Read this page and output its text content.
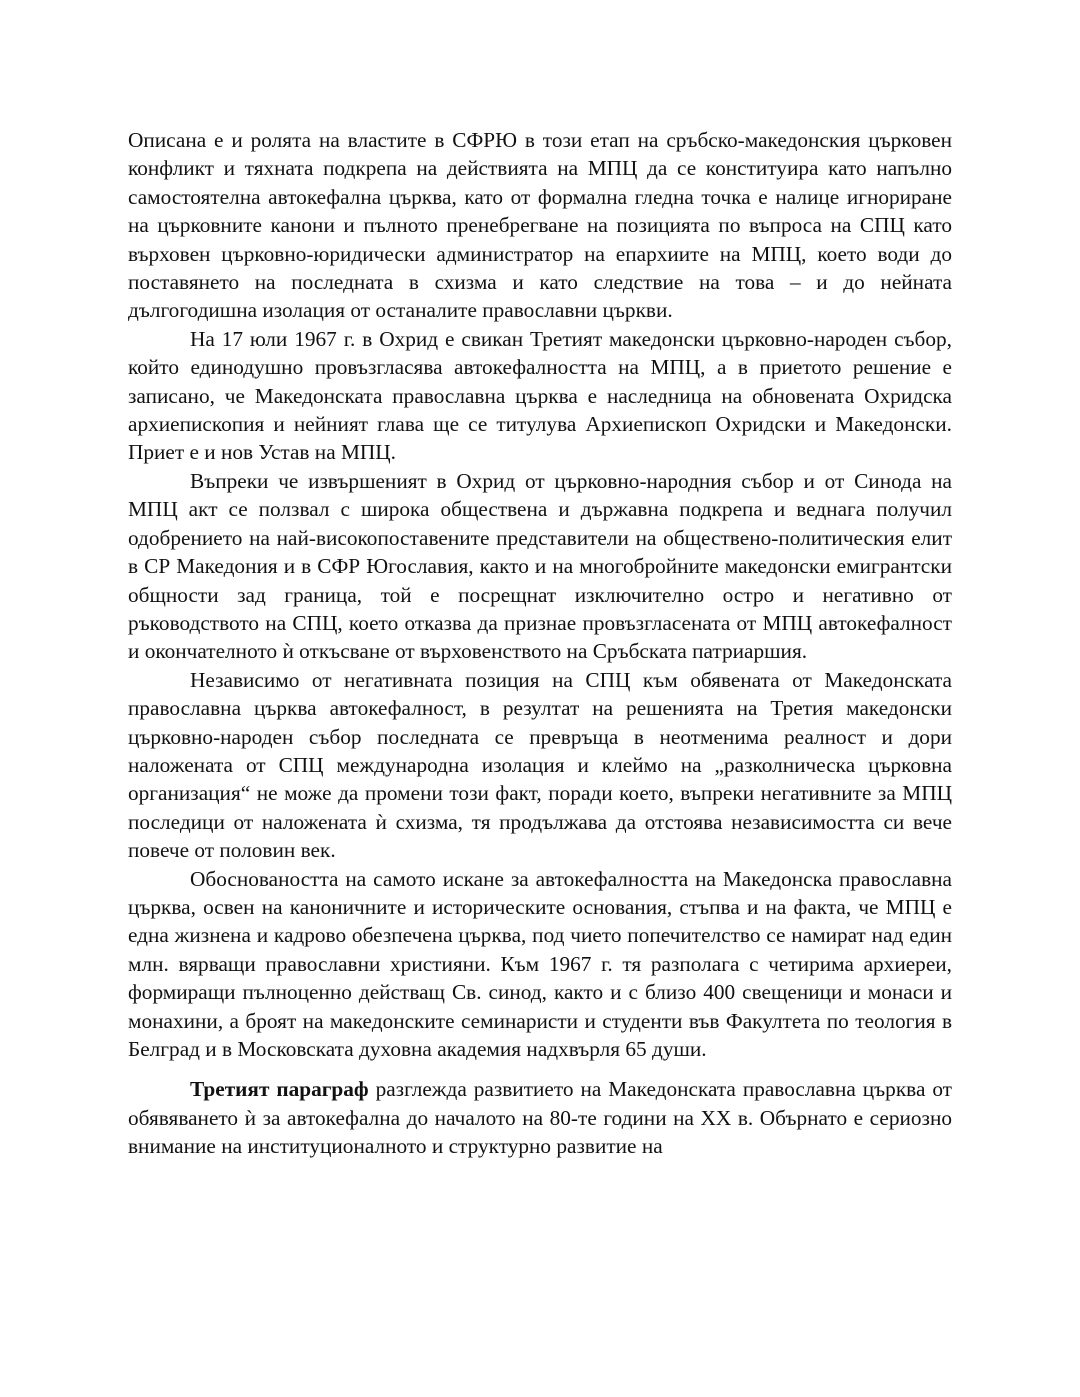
Описана е и ролята на властите в СФРЮ в този етап на сръбско-македонския църковен конфликт и тяхната подкрепа на действията на МПЦ да се конституира като напълно самостоятелна автокефална църква, като от формална гледна точка е налице игнориране на църковните канони и пълното пренебрегване на позицията по въпроса на СПЦ като върховен църковно-юридически администратор на епархиите на МПЦ, което води до поставянето на последната в схизма и като следствие на това – и до нейната дългогодишна изолация от останалите православни църкви.

На 17 юли 1967 г. в Охрид е свикан Третият македонски църковно-народен събор, който единодушно провъзгласява автокефалността на МПЦ, а в приетото решение е записано, че Македонската православна църква е наследница на обновената Охридска архиепископия и нейният глава ще се титулува Архиепископ Охридски и Македонски. Приет е и нов Устав на МПЦ.

Въпреки че извършеният в Охрид от църковно-народния събор и от Синода на МПЦ акт се ползвал с широка обществена и държавна подкрепа и веднага получил одобрението на най-високопоставените представители на обществено-политическия елит в СР Македония и в СФР Югославия, както и на многобройните македонски емигрантски общности зад граница, той е посрещнат изключително остро и негативно от ръководството на СПЦ, което отказва да признае провъзгласената от МПЦ автокефалност и окончателното ѝ откъсване от върховенството на Сръбската патриаршия.

Независимо от негативната позиция на СПЦ към обявената от Македонската православна църква автокефалност, в резултат на решенията на Третия македонски църковно-народен събор последната се превръща в неотменима реалност и дори наложената от СПЦ международна изолация и клеймо на „разколническа църковна организация“ не може да промени този факт, поради което, въпреки негативните за МПЦ последици от наложената ѝ схизма, тя продължава да отстоява независимостта си вече повече от половин век.

Обосноваността на самото искане за автокефалността на Македонска православна църква, освен на каноничните и историческите основания, стъпва и на факта, че МПЦ е една жизнена и кадрово обезпечена църква, под чието попечителство се намират над един млн. вярващи православни християни. Към 1967 г. тя разполага с четирима архиереи, формиращи пълноценно действащ Св. синод, както и с близо 400 свещеници и монаси и монахини, а броят на македонските семинаристи и студенти във Факултета по теология в Белград и в Московската духовна академия надхвърля 65 души.

Третият параграф разглежда развитието на Македонската православна църква от обявяването ѝ за автокефална до началото на 80-те години на XX в. Обърнато е сериозно внимание на институционалното и структурно развитие на
